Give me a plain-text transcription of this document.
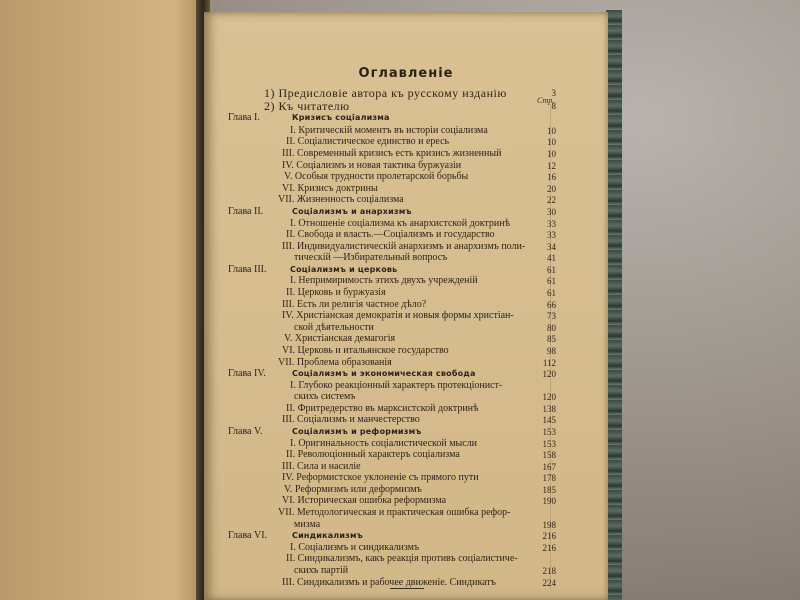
Оглавленіе
Стр.
1) Предисловіе автора къ русскому изданію	3
2) Къ читателю	8
Глава I.	Кризисъ соціализма
I. Критическій моментъ въ исторіи соціализма	10
II. Соціалистическое единство и ересь	10
III. Современный кризисъ есть кризисъ жизненный	10
IV. Соціализмъ и новая тактика буржуазіи	12
V. Особыя трудности пролетарской борьбы	16
VI. Кризисъ доктрины	20
VII. Жизненность соціализма	22
Глава II.	Соціализмъ и анархизмъ	30
I. Отношеніе соціализма къ анархистской доктринѣ	33
II. Свобода и власть.—Соціализмъ и государство	33
III. Индивидуалистическій анархизмъ и анархизмъ поли-	34
тическій —Избирательный вопросъ	41
Глава III.	Соціализмъ и церковь	61
I. Непримиримость этихъ двухъ учрежденій	61
II. Церковь и буржуазія	61
III. Есть ли религія частное дѣло?	66
IV. Христіанская демократія и новыя формы христіан-	73
ской дѣятельности	80
V. Христіанская демагогія	85
VI. Церковь и итальянское государство	98
VII. Проблема образованія	112
Глава IV.	Соціализмъ и экономическая свобода	120
I. Глубоко реакціонный характеръ протекціонист-
скихъ системъ	120
II. Фритредерство въ марксистской доктринѣ	138
III. Соціализмъ и манчестерство	145
Глава V.	Соціализмъ и реформизмъ	153
I. Оригинальность соціалистической мысли	153
II. Революціонный характеръ соціализма	158
III. Сила и насиліе	167
IV. Реформистское уклоненіе съ прямого пути	178
V. Реформизмъ или деформизмъ	185
VI. Историческая ошибка реформизма	190
VII. Методологическая и практическая ошибка рефор-
мизма	198
Глава VI.	Синдикализмъ	216
I. Соціализмъ и синдикализмъ	216
II. Синдикализмъ, какъ реакція противъ соціалистиче-
скихъ партій	218
III. Синдикализмъ и рабочее движеніе. Синдикатъ	224
